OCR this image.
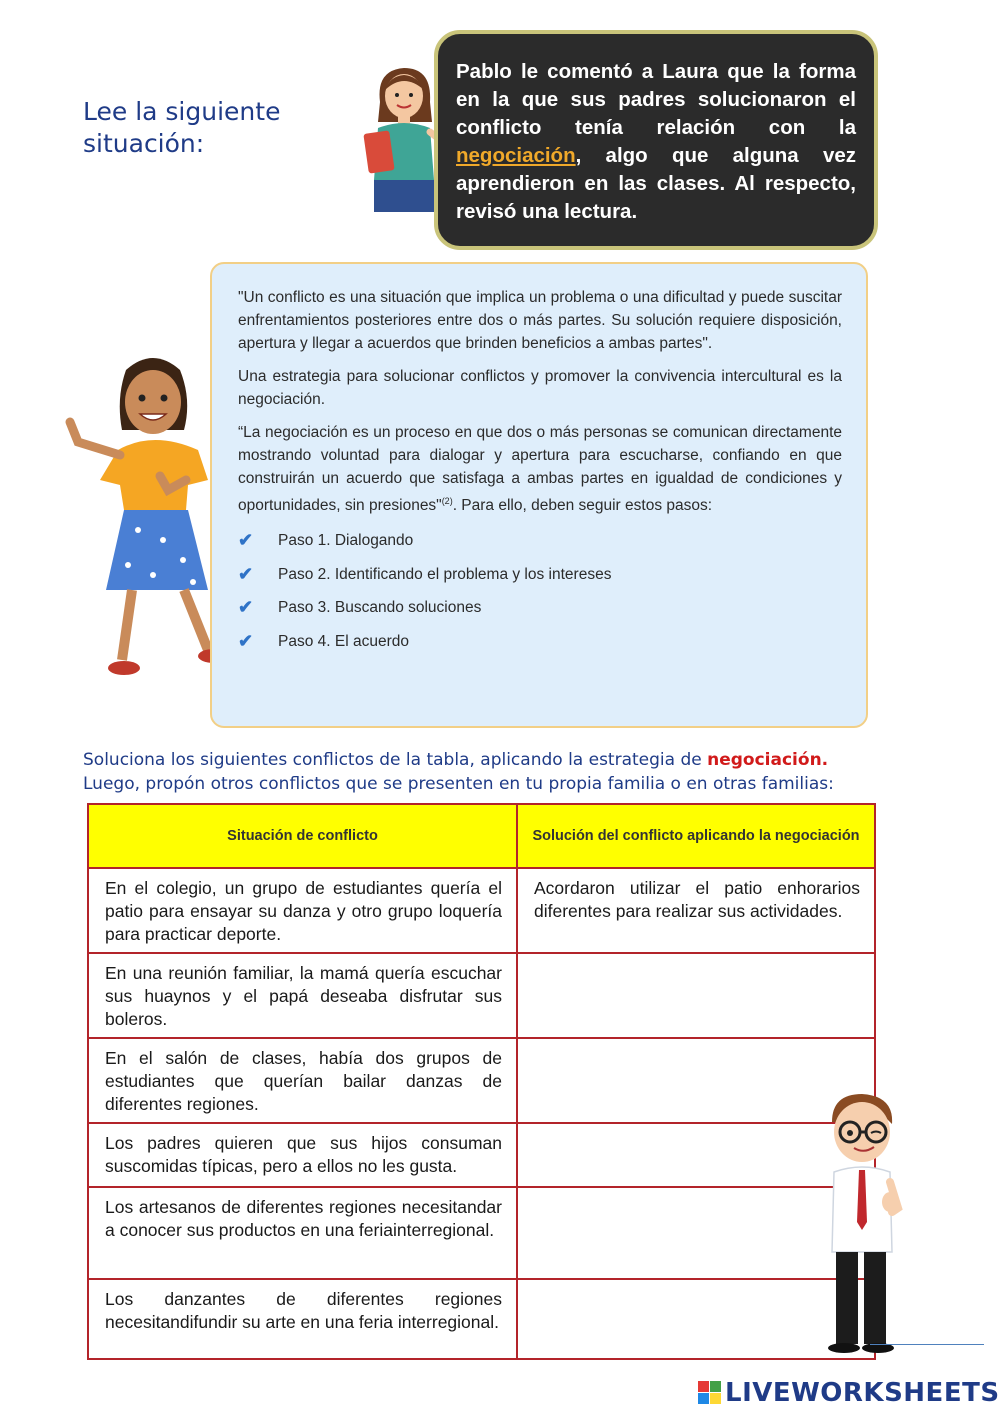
Lee la siguiente
situación:
Pablo le comentó a Laura que la forma en la que sus padres solucionaron el conflicto tenía relación con la negociación, algo que alguna vez aprendieron en las clases. Al respecto, revisó una lectura.

"Un conflicto es una situación que implica un problema o una dificultad y puede suscitar enfrentamientos posteriores entre dos o más partes. Su solución requiere disposición, apertura y llegar a acuerdos que brinden beneficios a ambas partes".

Una estrategia para solucionar conflictos y promover la convivencia intercultural es la negociación.

“La negociación es un proceso en que dos o más personas se comunican directamente mostrando voluntad para dialogar y apertura para escucharse, confiando en que construirán un acuerdo que satisfaga a ambas partes en igualdad de condiciones y oportunidades, sin presiones"$^{(2)}$. Para ello, deben seguir estos pasos:

✔	Paso 1. Dialogando
✔	Paso 2. Identificando el problema y los intereses
✔	Paso 3. Buscando soluciones
✔	Paso 4. El acuerdo
Soluciona los siguientes conflictos de la tabla, aplicando la estrategia de negociación.
Luego, propón otros conflictos que se presenten en tu propia familia o en otras familias:
Situación de conflicto	Solución del conflicto aplicando la negociación
En el colegio, un grupo de estudiantes quería el patio para ensayar su danza y otro grupo loquería para practicar deporte.	Acordaron utilizar el patio enhorarios diferentes para realizar sus actividades.
En una reunión familiar, la mamá quería escuchar sus huaynos y el papá deseaba disfrutar sus boleros.	
En el salón de clases, había dos grupos de estudiantes que querían bailar danzas de diferentes regiones.	
Los padres quieren que sus hijos consuman suscomidas típicas, pero a ellos no les gusta.	
Los artesanos de diferentes regiones necesitandar a conocer sus productos en una feriainterregional.	
Los danzantes de diferentes regiones necesitandifundir su arte en una feria interregional.	
LIVEWORKSHEETS
